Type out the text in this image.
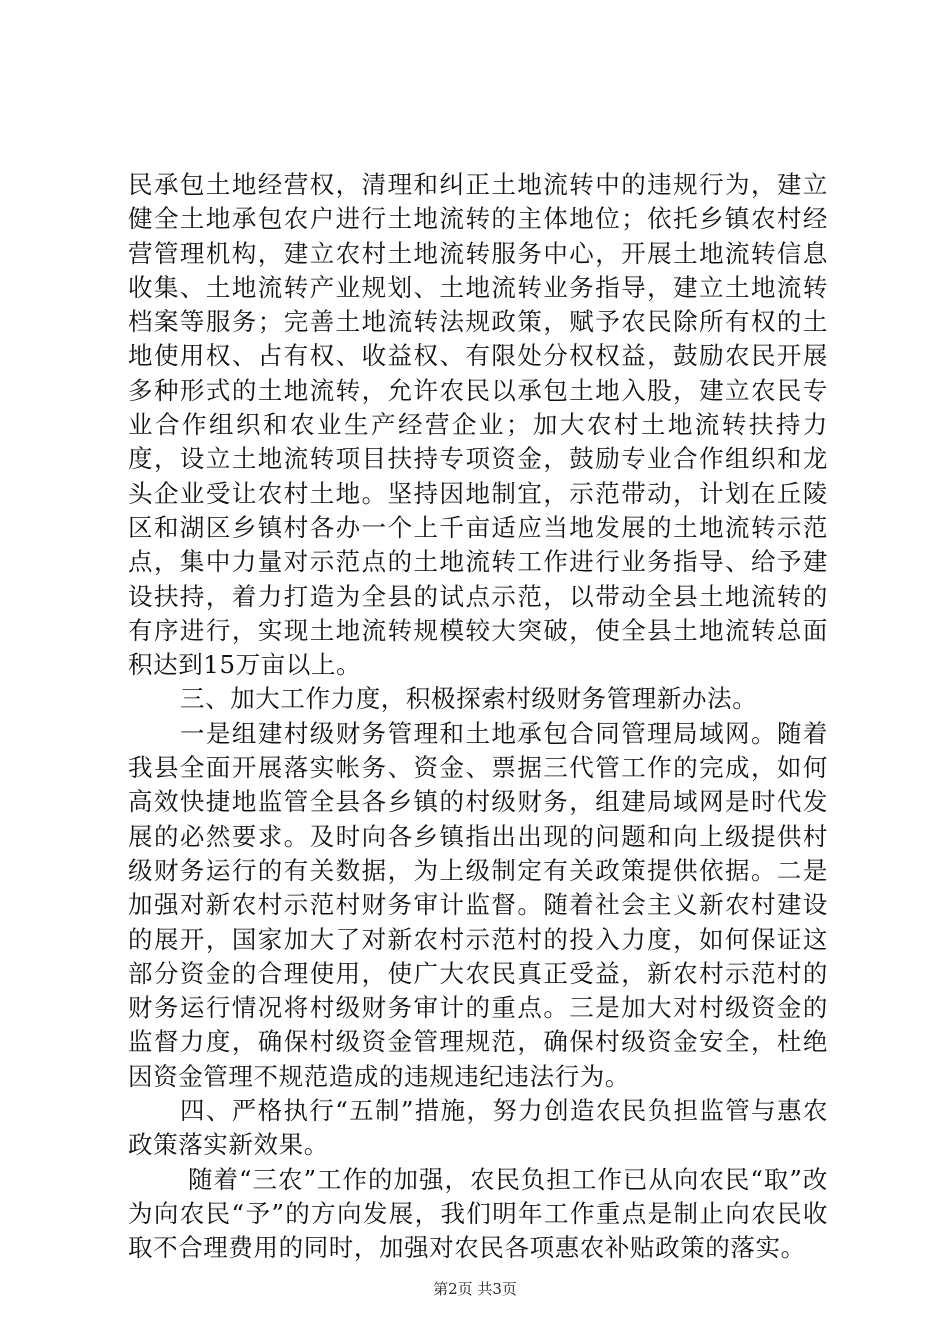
民承包土地经营权，清理和纠正土地流转中的违规行为，建立健全土地承包农户进行土地流转的主体地位；依托乡镇农村经营管理机构，建立农村土地流转服务中心，开展土地流转信息收集、土地流转产业规划、土地流转业务指导，建立土地流转档案等服务；完善土地流转法规政策，赋予农民除所有权的土地使用权、占有权、收益权、有限处分权权益，鼓励农民开展多种形式的土地流转，允许农民以承包土地入股，建立农民专业合作组织和农业生产经营企业；加大农村土地流转扶持力度，设立土地流转项目扶持专项资金，鼓励专业合作组织和龙头企业受让农村土地。坚持因地制宜，示范带动，计划在丘陵区和湖区乡镇村各办一个上千亩适应当地发展的土地流转示范点，集中力量对示范点的土地流转工作进行业务指导、给予建设扶持，着力打造为全县的试点示范，以带动全县土地流转的有序进行，实现土地流转规模较大突破，使全县土地流转总面积达到15万亩以上。

三、加大工作力度，积极探索村级财务管理新办法。

一是组建村级财务管理和土地承包合同管理局域网。随着我县全面开展落实帐务、资金、票据三代管工作的完成，如何高效快捷地监管全县各乡镇的村级财务，组建局域网是时代发展的必然要求。及时向各乡镇指出出现的问题和向上级提供村级财务运行的有关数据，为上级制定有关政策提供依据。二是加强对新农村示范村财务审计监督。随着社会主义新农村建设的展开，国家加大了对新农村示范村的投入力度，如何保证这部分资金的合理使用，使广大农民真正受益，新农村示范村的财务运行情况将村级财务审计的重点。三是加大对村级资金的监督力度，确保村级资金管理规范，确保村级资金安全，杜绝因资金管理不规范造成的违规违纪违法行为。

四、严格执行“五制”措施，努力创造农民负担监管与惠农政策落实新效果。

随着“三农”工作的加强，农民负担工作已从向农民“取”改为向农民“予”的方向发展，我们明年工作重点是制止向农民收取不合理费用的同时，加强对农民各项惠农补贴政策的落实。

第2页 共3页
